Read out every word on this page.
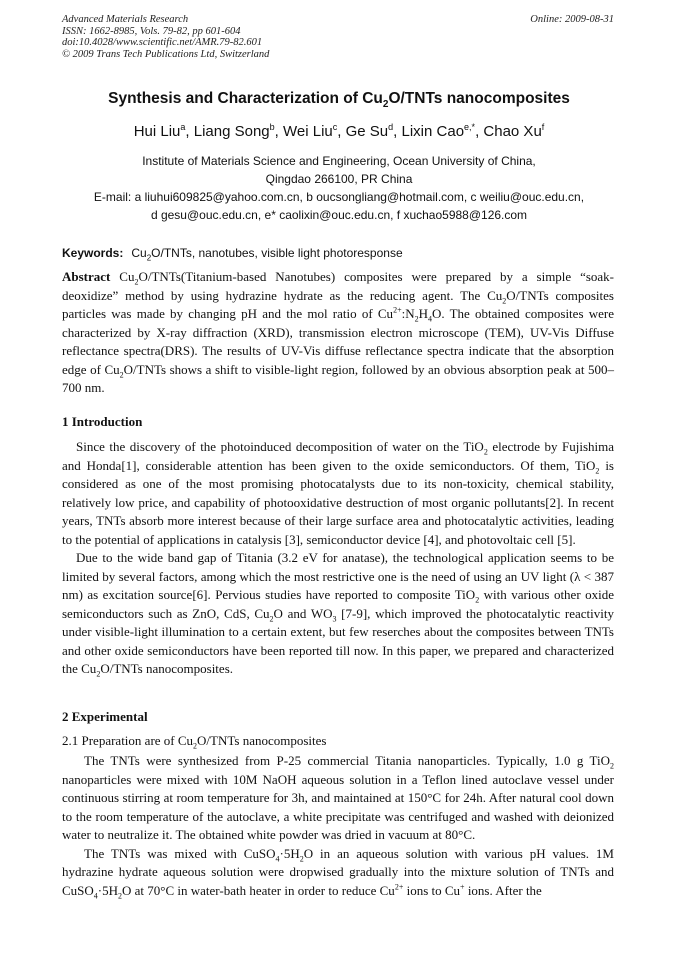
Advanced Materials Research
ISSN: 1662-8985, Vols. 79-82, pp 601-604
doi:10.4028/www.scientific.net/AMR.79-82.601
© 2009 Trans Tech Publications Ltd, Switzerland
Online: 2009-08-31
Synthesis and Characterization of $Cu_2O$/TNTs nanocomposites
Hui Liu$^a$, Liang Song$^b$, Wei Liu$^c$, Ge Su$^d$, Lixin Cao$^{e,*}$, Chao Xu$^f$
Institute of Materials Science and Engineering, Ocean University of China,
Qingdao 266100, PR China
E-mail: a liuhui609825@yahoo.com.cn, b oucsongliang@hotmail.com, c weiliu@ouc.edu.cn,
d gesu@ouc.edu.cn, e* caolixin@ouc.edu.cn, f xuchao5988@126.com
Keywords: $Cu_2O$/TNTs, nanotubes, visible light photoresponse

Abstract $Cu_2O/TNTs(Titanium$-based Nanotubes) composites were prepared by a simple “soak-deoxidize” method by using hydrazine hydrate as the reducing agent. The $Cu_2O$/TNTs composites particles was made by changing pH and the mol ratio of $Cu^{2+}:N_2H_4O$. The obtained composites were characterized by X-ray diffraction (XRD), transmission electron microscope (TEM), UV-Vis Diffuse reflectance spectra(DRS). The results of UV-Vis diffuse reflectance spectra indicate that the absorption edge of $Cu_2O$/TNTs shows a shift to visible-light region, followed by an obvious absorption peak at 500–700 nm.

1 Introduction

Since the discovery of the photoinduced decomposition of water on the TiO$_2$ electrode by Fujishima and Honda[1], considerable attention has been given to the oxide semiconductors. Of them, TiO$_2$ is considered as one of the most promising photocatalysts due to its non-toxicity, chemical stability, relatively low price, and capability of photooxidative destruction of most organic pollutants[2]. In recent years, TNTs absorb more interest because of their large surface area and photocatalytic activities, leading to the potential of applications in catalysis [3], semiconductor device [4], and photovoltaic cell [5].

Due to the wide band gap of Titania (3.2 eV for anatase), the technological application seems to be limited by several factors, among which the most restrictive one is the need of using an UV light (λ < 387 nm) as excitation source[6]. Pervious studies have reported to composite TiO$_2$ with various other oxide semiconductors such as ZnO, CdS, $Cu_2O$ and $WO_3$ [7-9], which improved the photocatalytic reactivity under visible-light illumination to a certain extent, but few reserches about the composites between TNTs and other oxide semiconductors have been reported till now. In this paper, we prepared and characterized the $Cu_2O$/TNTs nanocomposites.

2 Experimental
2.1 Preparation are of $Cu_2O$/TNTs nanocomposites

The TNTs were synthesized from P-25 commercial Titania nanoparticles. Typically, 1.0 g TiO$_2$ nanoparticles were mixed with 10M NaOH aqueous solution in a Teflon lined autoclave vessel under continuous stirring at room temperature for 3h, and maintained at 150°C for 24h. After natural cool down to the room temperature of the autoclave, a white precipitate was centrifuged and washed with deionized water to neutralize it. The obtained white powder was dried in vacuum at 80°C.

The TNTs was mixed with $CuSO_4\cdot 5H_2O$ in an aqueous solution with various pH values. 1M hydrazine hydrate aqueous solution were dropwised gradually into the mixture solution of TNTs and $CuSO_4\cdot 5H_2O$ at 70°C in water-bath heater in order to reduce $Cu^{2+}$ ions to Cu+ ions. After the
